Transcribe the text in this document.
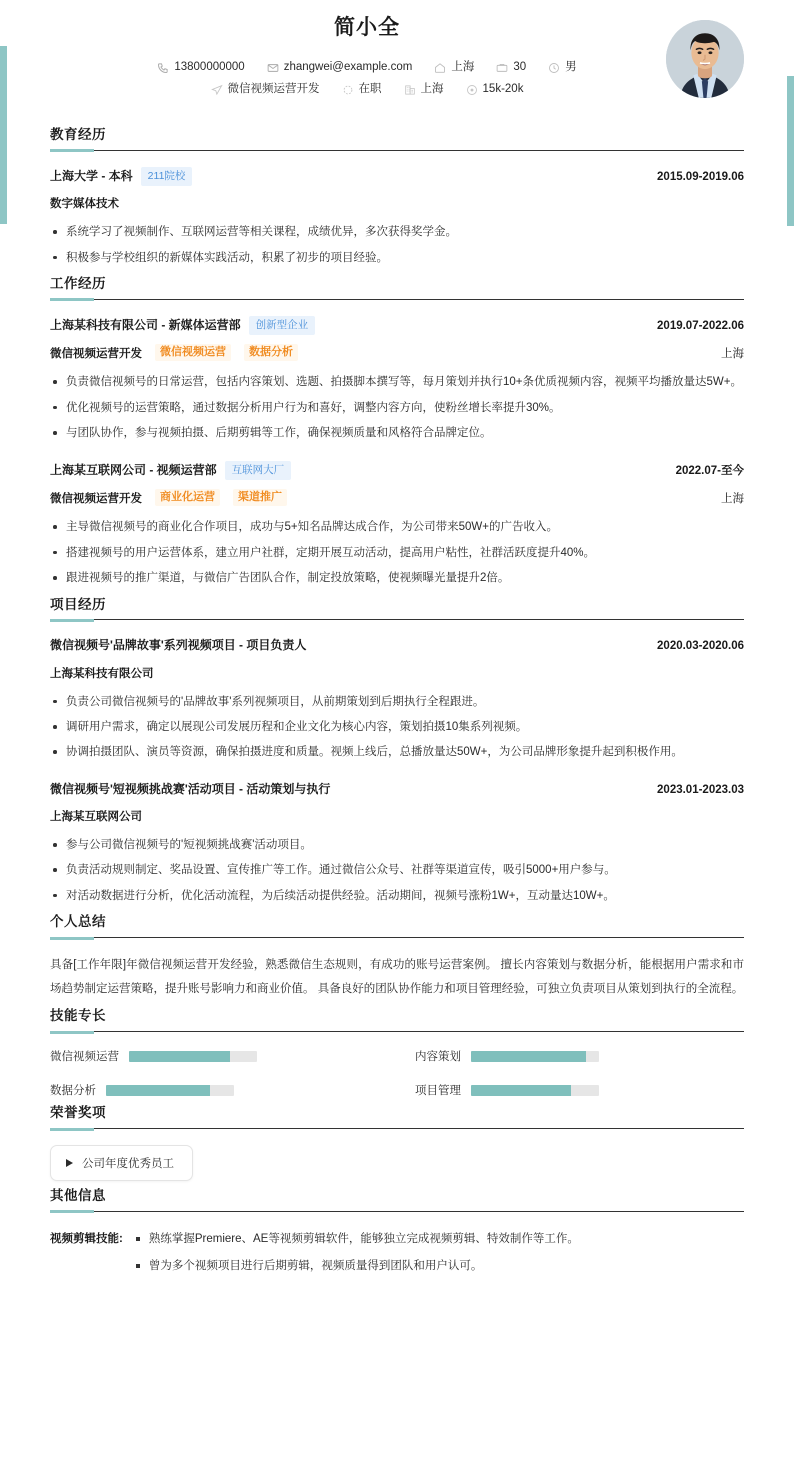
简小全
13800000000	zhangwei@example.com	上海	30	男
微信视频运营开发	在职	上海	15k-20k
教育经历
上海大学 - 本科	211院校	2015.09-2019.06
数字媒体技术
系统学习了视频制作、互联网运营等相关课程，成绩优异，多次获得奖学金。
积极参与学校组织的新媒体实践活动，积累了初步的项目经验。
工作经历
上海某科技有限公司 - 新媒体运营部	创新型企业	2019.07-2022.06
微信视频运营开发	微信视频运营	数据分析	上海
负责微信视频号的日常运营，包括内容策划、选题、拍摄脚本撰写等，每月策划并执行10+条优质视频内容，视频平均播放量达5W+。
优化视频号的运营策略，通过数据分析用户行为和喜好，调整内容方向，使粉丝增长率提升30%。
与团队协作，参与视频拍摄、后期剪辑等工作，确保视频质量和风格符合品牌定位。
上海某互联网公司 - 视频运营部	互联网大厂	2022.07-至今
微信视频运营开发	商业化运营	渠道推广	上海
主导微信视频号的商业化合作项目，成功与5+知名品牌达成合作，为公司带来50W+的广告收入。
搭建视频号的用户运营体系，建立用户社群，定期开展互动活动，提高用户粘性，社群活跃度提升40%。
跟进视频号的推广渠道，与微信广告团队合作，制定投放策略，使视频曝光量提升2倍。
项目经历
微信视频号'品牌故事'系列视频项目 - 项目负责人	2020.03-2020.06
上海某科技有限公司
负责公司微信视频号的'品牌故事'系列视频项目，从前期策划到后期执行全程跟进。
调研用户需求，确定以展现公司发展历程和企业文化为核心内容，策划拍摄10集系列视频。
协调拍摄团队、演员等资源，确保拍摄进度和质量。视频上线后，总播放量达50W+，为公司品牌形象提升起到积极作用。
微信视频号'短视频挑战赛'活动项目 - 活动策划与执行	2023.01-2023.03
上海某互联网公司
参与公司微信视频号的'短视频挑战赛'活动项目。
负责活动规则制定、奖品设置、宣传推广等工作。通过微信公众号、社群等渠道宣传，吸引5000+用户参与。
对活动数据进行分析，优化活动流程，为后续活动提供经验。活动期间，视频号涨粉1W+，互动量达10W+。
个人总结
具备[工作年限]年微信视频运营开发经验，熟悉微信生态规则，有成功的账号运营案例。 擅长内容策划与数据分析，能根据用户需求和市场趋势制定运营策略，提升账号影响力和商业价值。 具备良好的团队协作能力和项目管理经验，可独立负责项目从策划到执行的全流程。
技能专长
微信视频运营	内容策划
数据分析	项目管理
荣誉奖项
公司年度优秀员工
其他信息
视频剪辑技能:	熟练掌握Premiere、AE等视频剪辑软件，能够独立完成视频剪辑、特效制作等工作。
曾为多个视频项目进行后期剪辑，视频质量得到团队和用户认可。
